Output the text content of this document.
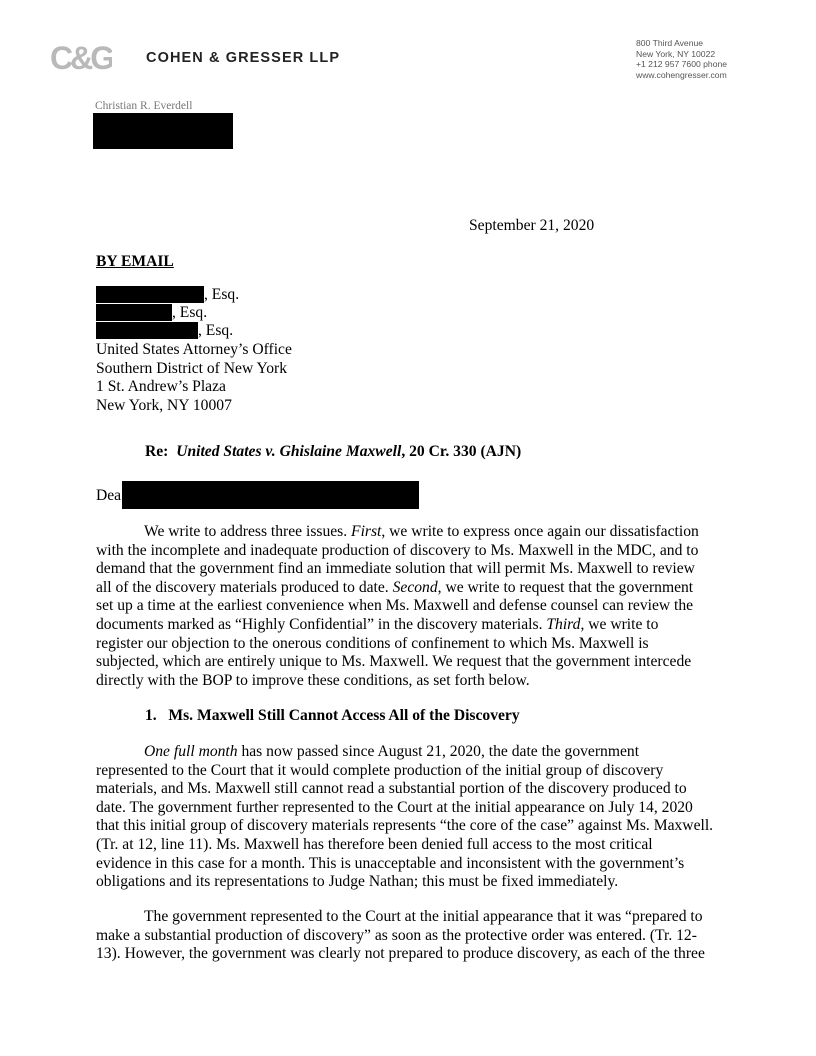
C&G COHEN & GRESSER LLP
800 Third Avenue
New York, NY 10022
+1 212 957 7600 phone
www.cohengresser.com
Christian R. Everdell
September 21, 2020
BY EMAIL
, Esq.
, Esq.
, Esq.
United States Attorney’s Office
Southern District of New York
1 St. Andrew’s Plaza
New York, NY 10007
Re: United States v. Ghislaine Maxwell, 20 Cr. 330 (AJN)
Dea
We write to address three issues. First, we write to express once again our dissatisfaction
with the incomplete and inadequate production of discovery to Ms. Maxwell in the MDC, and to
demand that the government find an immediate solution that will permit Ms. Maxwell to review
all of the discovery materials produced to date. Second, we write to request that the government
set up a time at the earliest convenience when Ms. Maxwell and defense counsel can review the
documents marked as “Highly Confidential” in the discovery materials. Third, we write to
register our objection to the onerous conditions of confinement to which Ms. Maxwell is
subjected, which are entirely unique to Ms. Maxwell. We request that the government intercede
directly with the BOP to improve these conditions, as set forth below.
1.   Ms. Maxwell Still Cannot Access All of the Discovery
One full month has now passed since August 21, 2020, the date the government
represented to the Court that it would complete production of the initial group of discovery
materials, and Ms. Maxwell still cannot read a substantial portion of the discovery produced to
date. The government further represented to the Court at the initial appearance on July 14, 2020
that this initial group of discovery materials represents “the core of the case” against Ms. Maxwell.
(Tr. at 12, line 11). Ms. Maxwell has therefore been denied full access to the most critical
evidence in this case for a month. This is unacceptable and inconsistent with the government’s
obligations and its representations to Judge Nathan; this must be fixed immediately.
The government represented to the Court at the initial appearance that it was “prepared to
make a substantial production of discovery” as soon as the protective order was entered. (Tr. 12-
13). However, the government was clearly not prepared to produce discovery, as each of the three
